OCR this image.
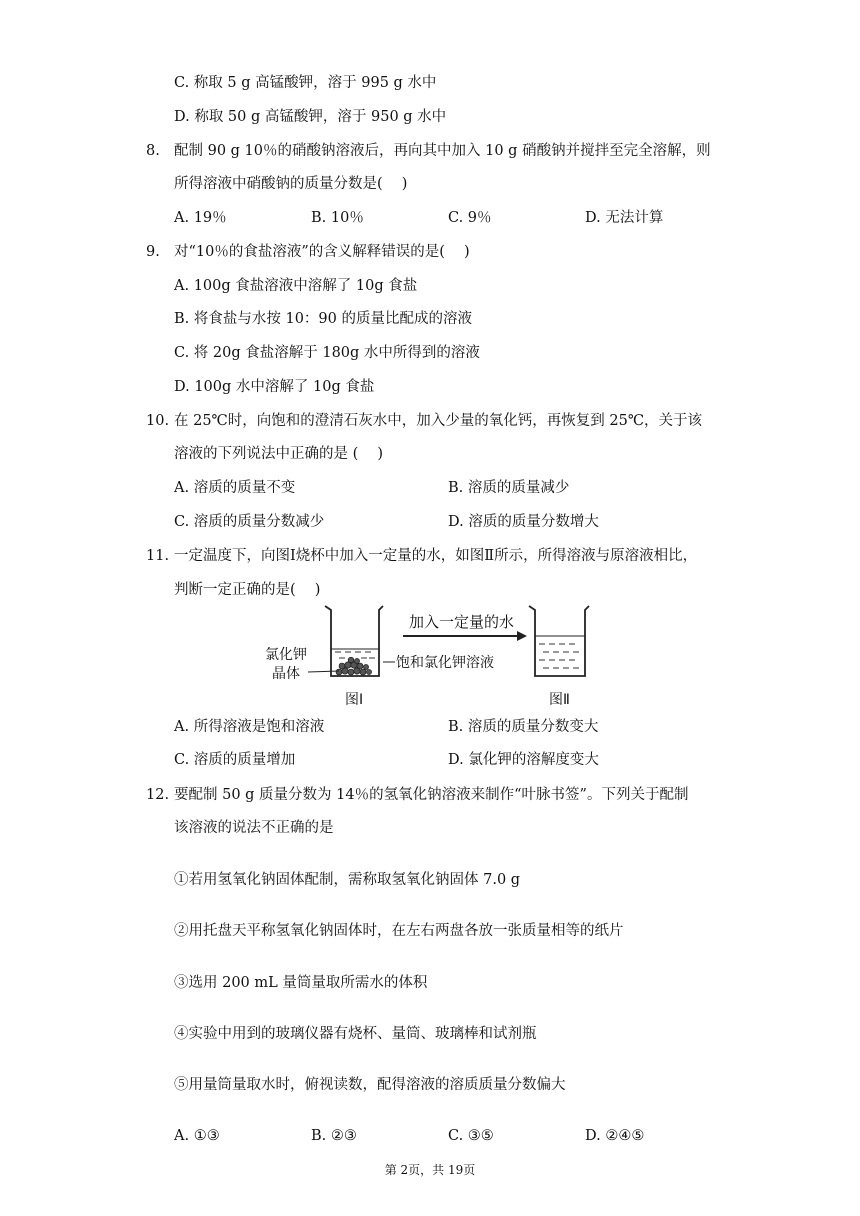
C. 称取 5 g 高锰酸钾，溶于 995 g 水中
D. 称取 50 g 高锰酸钾，溶于 950 g 水中
8. 配制 90 g 10％的硝酸钠溶液后，再向其中加入 10 g 硝酸钠并搅拌至完全溶解，则
所得溶液中硝酸钠的质量分数是(　 )
A. 19％	B. 10％	C. 9％	D. 无法计算
9. 对“10％的食盐溶液”的含义解释错误的是(　 )
A. 100g 食盐溶液中溶解了 10g 食盐
B. 将食盐与水按 10：90 的质量比配成的溶液
C. 将 20g 食盐溶解于 180g 水中所得到的溶液
D. 100g 水中溶解了 10g 食盐
10. 在 25℃时，向饱和的澄清石灰水中，加入少量的氧化钙，再恢复到 25℃，关于该
溶液的下列说法中正确的是 (　 )
A. 溶质的质量不变	B. 溶质的质量减少
C. 溶质的质量分数减少	D. 溶质的质量分数增大
11. 一定温度下，向图Ⅰ烧杯中加入一定量的水，如图Ⅱ所示，所得溶液与原溶液相比，
判断一定正确的是(　 )
加入一定量的水
氯化钾
晶体
饱和氯化钾溶液
图Ⅰ	图Ⅱ
A. 所得溶液是饱和溶液	B. 溶质的质量分数变大
C. 溶质的质量增加	D. 氯化钾的溶解度变大
12. 要配制 50 g 质量分数为 14％的氢氧化钠溶液来制作“叶脉书签”。下列关于配制
该溶液的说法不正确的是
①若用氢氧化钠固体配制，需称取氢氧化钠固体 7.0 g
②用托盘天平称氢氧化钠固体时，在左右两盘各放一张质量相等的纸片
③选用 200 mL 量筒量取所需水的体积
④实验中用到的玻璃仪器有烧杯、量筒、玻璃棒和试剂瓶
⑤用量筒量取水时，俯视读数，配得溶液的溶质质量分数偏大
A. ①③	B. ②③	C. ③⑤	D. ②④⑤
第 2页，共 19页
